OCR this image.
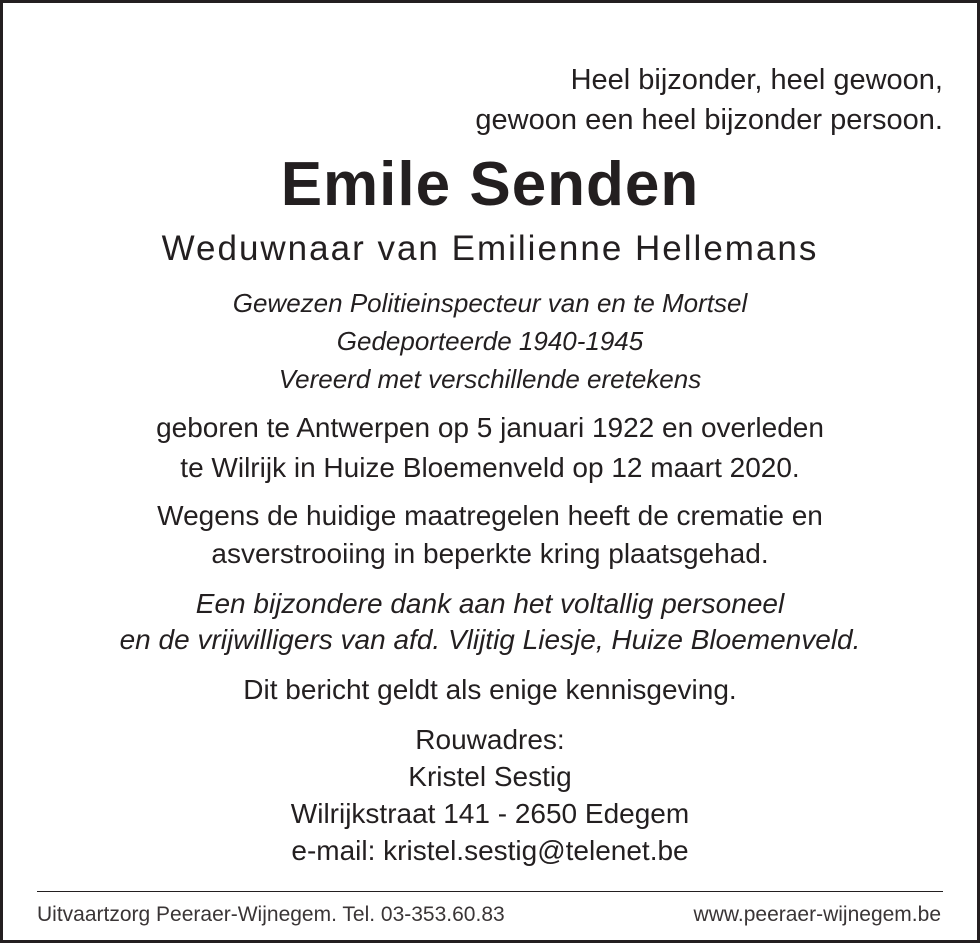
Heel bijzonder, heel gewoon,
gewoon een heel bijzonder persoon.
Emile Senden
Weduwnaar van Emilienne Hellemans
Gewezen Politieinspecteur van en te Mortsel
Gedeporteerde 1940-1945
Vereerd met verschillende eretekens
geboren te Antwerpen op 5 januari 1922 en overleden
te Wilrijk in Huize Bloemenveld op 12 maart 2020.
Wegens de huidige maatregelen heeft de crematie en
asverstrooiing in beperkte kring plaatsgehad.
Een bijzondere dank aan het voltallig personeel
en de vrijwilligers van afd. Vlijtig Liesje, Huize Bloemenveld.
Dit bericht geldt als enige kennisgeving.
Rouwadres:
Kristel Sestig
Wilrijkstraat 141 - 2650 Edegem
e-mail: kristel.sestig@telenet.be
Uitvaartzorg Peeraer-Wijnegem. Tel. 03-353.60.83	www.peeraer-wijnegem.be
